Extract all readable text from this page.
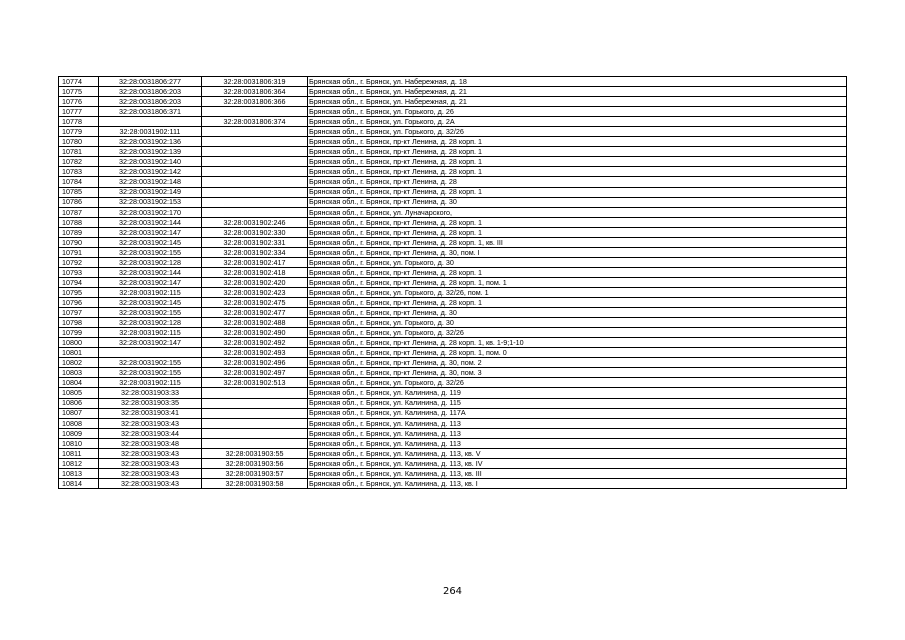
10774	32:28:0031806:277	32:28:0031806:319	Брянская обл., г. Брянск, ул. Набережная, д. 18
10775	32:28:0031806:203	32:28:0031806:364	Брянская обл., г. Брянск, ул. Набережная, д. 21
10776	32:28:0031806:203	32:28:0031806:366	Брянская обл., г. Брянск, ул. Набережная, д. 21
10777	32:28:0031806:371		Брянская обл., г. Брянск, ул. Горького, д. 26
10778		32:28:0031806:374	Брянская обл., г. Брянск, ул. Горького, д. 2А
10779	32:28:0031902:111		Брянская обл., г. Брянск, ул. Горького, д. 32/26
10780	32:28:0031902:136		Брянская обл., г. Брянск, пр-кт Ленина, д. 28 корп. 1
10781	32:28:0031902:139		Брянская обл., г. Брянск, пр-кт Ленина, д. 28 корп. 1
10782	32:28:0031902:140		Брянская обл., г. Брянск, пр-кт Ленина, д. 28 корп. 1
10783	32:28:0031902:142		Брянская обл., г. Брянск, пр-кт Ленина, д. 28 корп. 1
10784	32:28:0031902:148		Брянская обл., г. Брянск, пр-кт Ленина, д. 28
10785	32:28:0031902:149		Брянская обл., г. Брянск, пр-кт Ленина, д. 28 корп. 1
10786	32:28:0031902:153		Брянская обл., г. Брянск, пр-кт Ленина, д. 30
10787	32:28:0031902:170		Брянская обл., г. Брянск, ул. Луначарского,
10788	32:28:0031902:144	32:28:0031902:246	Брянская обл., г. Брянск, пр-кт Ленина, д. 28 корп. 1
10789	32:28:0031902:147	32:28:0031902:330	Брянская обл., г. Брянск, пр-кт Ленина, д. 28 корп. 1
10790	32:28:0031902:145	32:28:0031902:331	Брянская обл., г. Брянск, пр-кт Ленина, д. 28 корп. 1, кв. III
10791	32:28:0031902:155	32:28:0031902:334	Брянская обл., г. Брянск, пр-кт Ленина, д. 30, пом. I
10792	32:28:0031902:128	32:28:0031902:417	Брянская обл., г. Брянск, ул. Горького, д. 30
10793	32:28:0031902:144	32:28:0031902:418	Брянская обл., г. Брянск, пр-кт Ленина, д. 28 корп. 1
10794	32:28:0031902:147	32:28:0031902:420	Брянская обл., г. Брянск, пр-кт Ленина, д. 28 корп. 1, пом. 1
10795	32:28:0031902:115	32:28:0031902:423	Брянская обл., г. Брянск, ул. Горького, д. 32/26, пом. 1
10796	32:28:0031902:145	32:28:0031902:475	Брянская обл., г. Брянск, пр-кт Ленина, д. 28 корп. 1
10797	32:28:0031902:155	32:28:0031902:477	Брянская обл., г. Брянск, пр-кт Ленина, д. 30
10798	32:28:0031902:128	32:28:0031902:488	Брянская обл., г. Брянск, ул. Горького, д. 30
10799	32:28:0031902:115	32:28:0031902:490	Брянская обл., г. Брянск, ул. Горького, д. 32/26
10800	32:28:0031902:147	32:28:0031902:492	Брянская обл., г. Брянск, пр-кт Ленина, д. 28 корп. 1, кв. 1-9;1-10
10801		32:28:0031902:493	Брянская обл., г. Брянск, пр-кт Ленина, д. 28 корп. 1, пом. 0
10802	32:28:0031902:155	32:28:0031902:496	Брянская обл., г. Брянск, пр-кт Ленина, д. 30, пом. 2
10803	32:28:0031902:155	32:28:0031902:497	Брянская обл., г. Брянск, пр-кт Ленина, д. 30, пом. 3
10804	32:28:0031902:115	32:28:0031902:513	Брянская обл., г. Брянск, ул. Горького, д. 32/26
10805	32:28:0031903:33		Брянская обл., г. Брянск, ул. Калинина, д. 119
10806	32:28:0031903:35		Брянская обл., г. Брянск, ул. Калинина, д. 115
10807	32:28:0031903:41		Брянская обл., г. Брянск, ул. Калинина, д. 117А
10808	32:28:0031903:43		Брянская обл., г. Брянск, ул. Калинина, д. 113
10809	32:28:0031903:44		Брянская обл., г. Брянск, ул. Калинина, д. 113
10810	32:28:0031903:48		Брянская обл., г. Брянск, ул. Калинина, д. 113
10811	32:28:0031903:43	32:28:0031903:55	Брянская обл., г. Брянск, ул. Калинина, д. 113, кв. V
10812	32:28:0031903:43	32:28:0031903:56	Брянская обл., г. Брянск, ул. Калинина, д. 113, кв. IV
10813	32:28:0031903:43	32:28:0031903:57	Брянская обл., г. Брянск, ул. Калинина, д. 113, кв. III
10814	32:28:0031903:43	32:28:0031903:58	Брянская обл., г. Брянск, ул. Калинина, д. 113, кв. I
264
